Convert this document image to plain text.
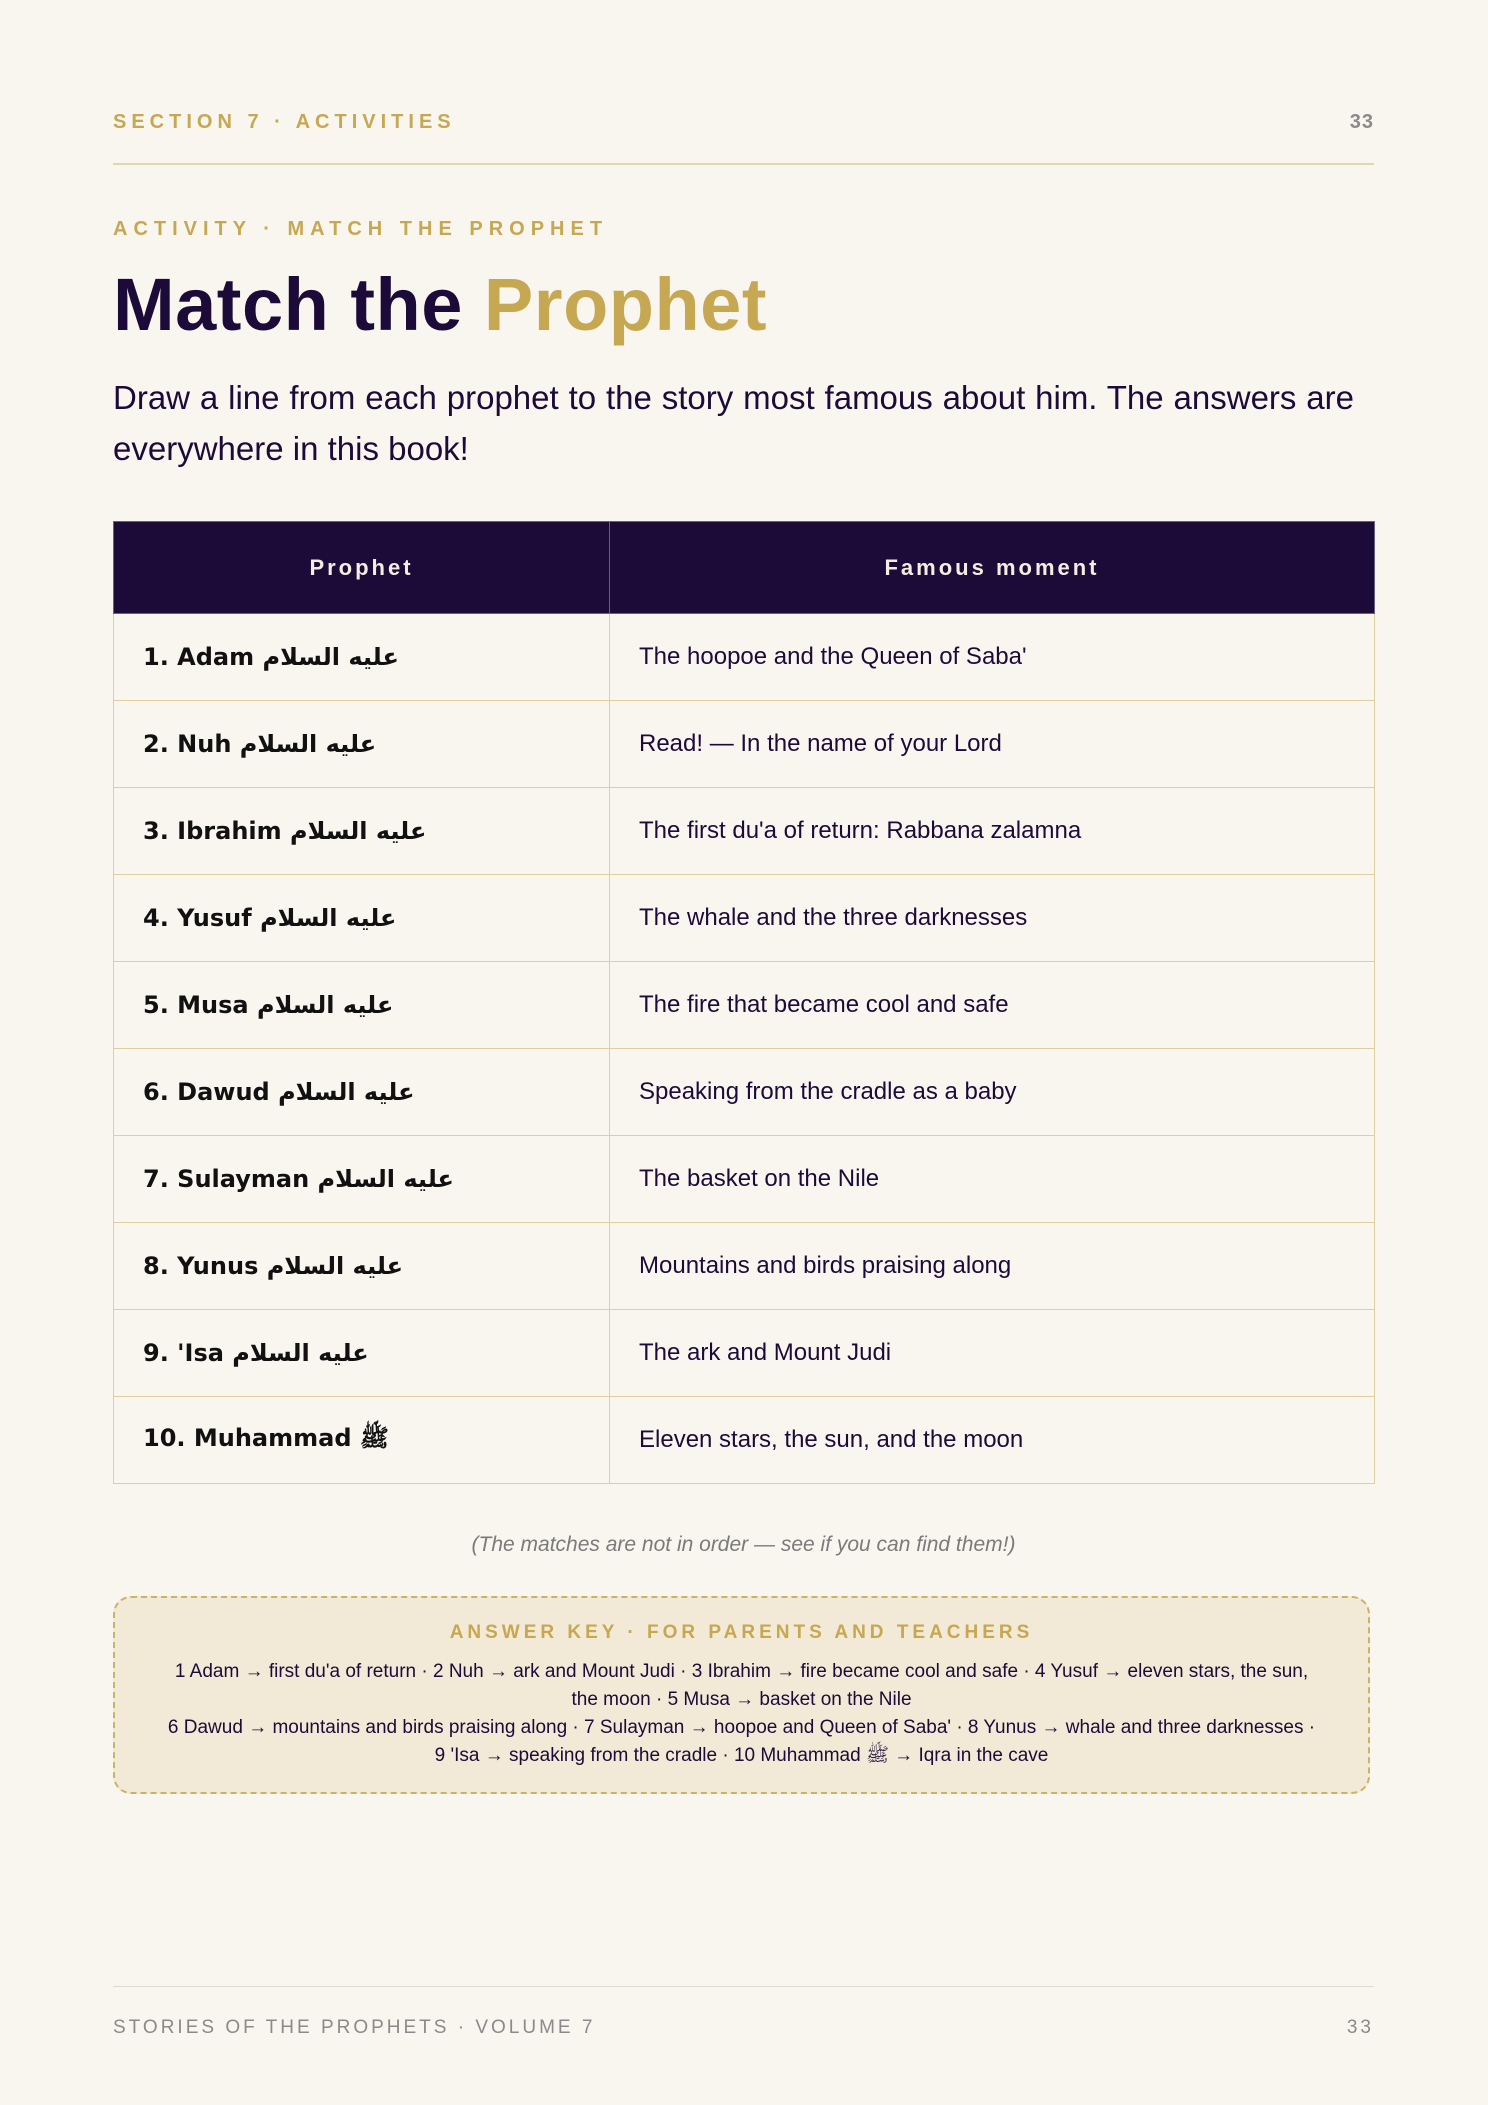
SECTION 7 · ACTIVITIES	33
ACTIVITY · MATCH THE PROPHET
Match the Prophet

Draw a line from each prophet to the story most famous about him. The answers are everywhere in this book!

Prophet	Famous moment
1. Adam عليه السلام	The hoopoe and the Queen of Saba'
2. Nuh عليه السلام	Read! — In the name of your Lord
3. Ibrahim عليه السلام	The first du'a of return: Rabbana zalamna
4. Yusuf عليه السلام	The whale and the three darknesses
5. Musa عليه السلام	The fire that became cool and safe
6. Dawud عليه السلام	Speaking from the cradle as a baby
7. Sulayman عليه السلام	The basket on the Nile
8. Yunus عليه السلام	Mountains and birds praising along
9. 'Isa عليه السلام	The ark and Mount Judi
10. Muhammad ﷺ	Eleven stars, the sun, and the moon
(The matches are not in order — see if you can find them!)
ANSWER KEY · FOR PARENTS AND TEACHERS
1 Adam → first du'a of return · 2 Nuh → ark and Mount Judi · 3 Ibrahim → fire became cool and safe · 4 Yusuf → eleven stars, the sun,
the moon · 5 Musa → basket on the Nile
6 Dawud → mountains and birds praising along · 7 Sulayman → hoopoe and Queen of Saba' · 8 Yunus → whale and three darknesses ·
9 'Isa → speaking from the cradle · 10 Muhammad ﷺ → Iqra in the cave
STORIES OF THE PROPHETS · VOLUME 7	33
